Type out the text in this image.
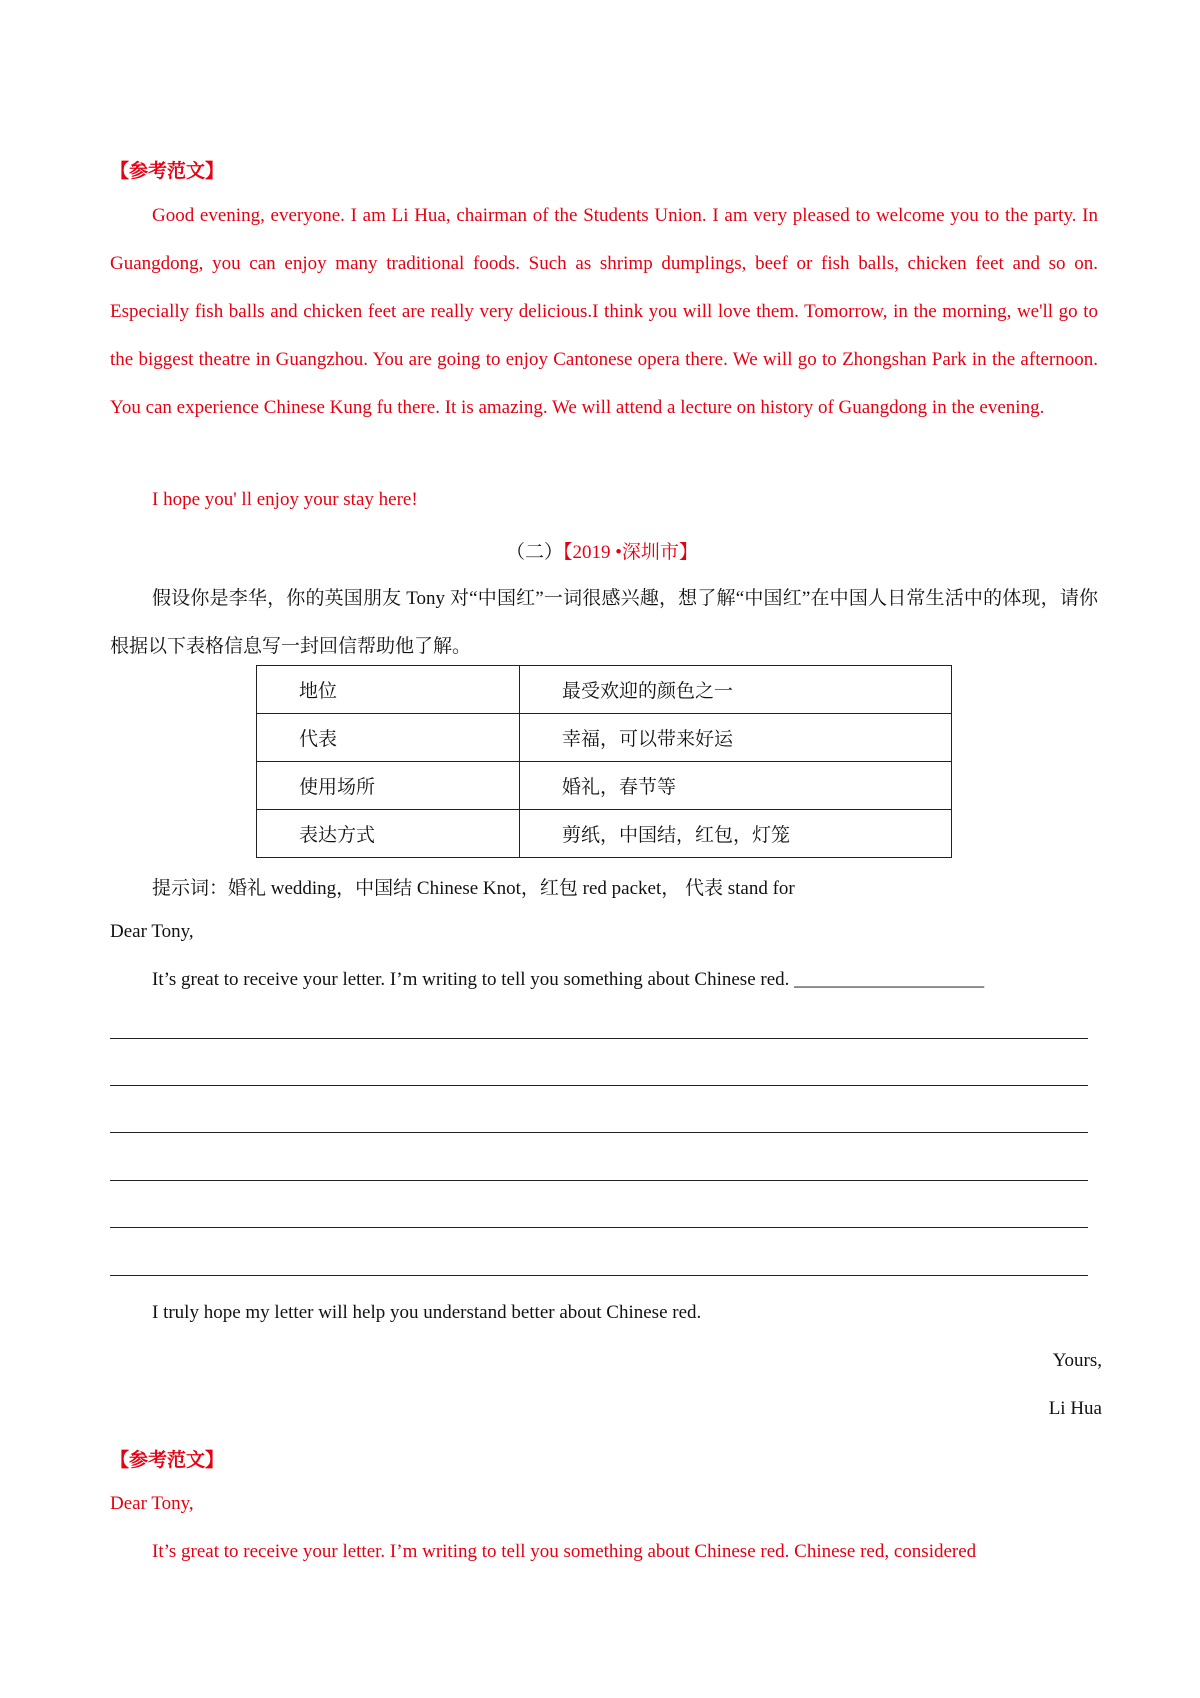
【参考范文】
Good evening, everyone. I am Li Hua, chairman of the Students Union. I am very pleased to welcome you to the party. In Guangdong, you can enjoy many traditional foods. Such as shrimp dumplings, beef or fish balls, chicken feet and so on. Especially fish balls and chicken feet are really very delicious.I think you will love them. Tomorrow, in the morning, we'll go to the biggest theatre in Guangzhou. You are going to enjoy Cantonese opera there. We will go to Zhongshan Park in the afternoon. You can experience Chinese Kung fu there. It is amazing. We will attend a lecture on history of Guangdong in the evening.
I hope you' ll enjoy your stay here!
（二）【2019 •深圳市】
假设你是李华，你的英国朋友 Tony 对“中国红”一词很感兴趣，想了解“中国红”在中国人日常生活中的体现，请你根据以下表格信息写一封回信帮助他了解。
地位	最受欢迎的颜色之一
代表	幸福，可以带来好运
使用场所	婚礼，春节等
表达方式	剪纸，中国结，红包，灯笼
提示词：婚礼 wedding，中国结 Chinese Knot，红包 red packet， 代表 stand for
Dear Tony,
It’s great to receive your letter. I’m writing to tell you something about Chinese red. ____________________
I truly hope my letter will help you understand better about Chinese red.
Yours,
Li Hua
【参考范文】
Dear Tony,
It’s great to receive your letter. I’m writing to tell you something about Chinese red. Chinese red, considered
